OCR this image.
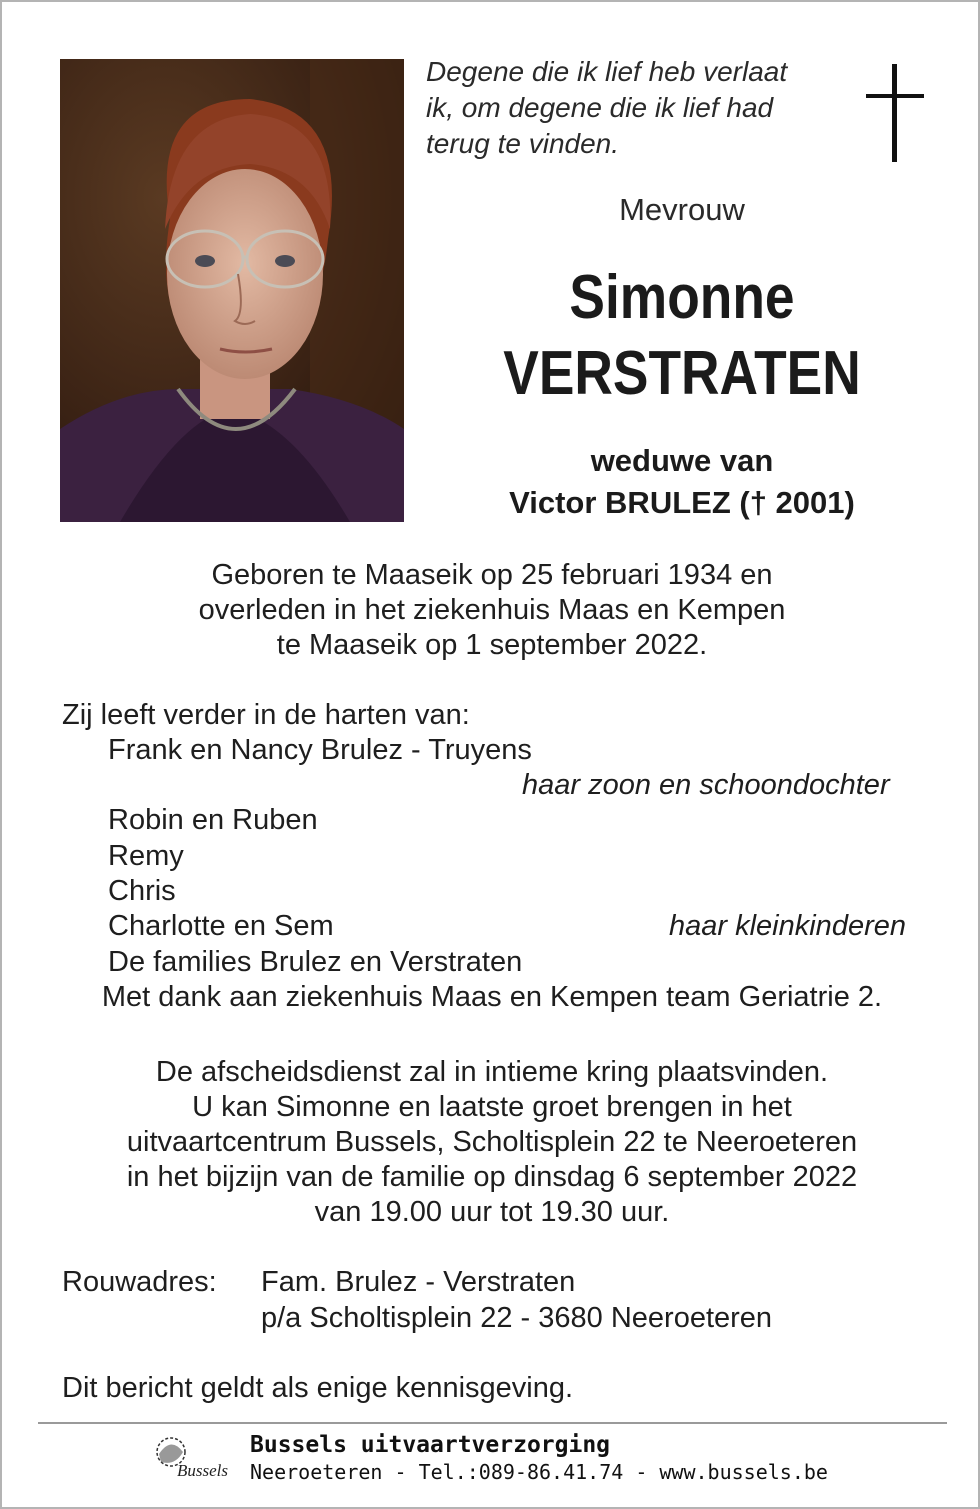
Degene die ik lief heb verlaat
ik, om degene die ik lief had
terug te vinden.
Mevrouw
Simonne
VERSTRATEN
weduwe van
Victor BRULEZ († 2001)
Geboren te Maaseik op 25 februari 1934 en
overleden in het ziekenhuis Maas en Kempen
te Maaseik op 1 september 2022.
Zij leeft verder in de harten van:
Frank en Nancy Brulez - Truyens
haar zoon en schoondochter
Robin en Ruben
Remy
Chris
Charlotte en Sem	haar kleinkinderen
De families Brulez en Verstraten
Met dank aan ziekenhuis Maas en Kempen team Geriatrie 2.
De afscheidsdienst zal in intieme kring plaatsvinden.
U kan Simonne en laatste groet brengen in het
uitvaartcentrum Bussels, Scholtisplein 22 te Neeroeteren
in het bijzijn van de familie op dinsdag 6 september 2022
van 19.00 uur tot 19.30 uur.
Rouwadres: Fam. Brulez - Verstraten
p/a Scholtisplein 22 - 3680 Neeroeteren
Dit bericht geldt als enige kennisgeving.
Bussels
Bussels uitvaartverzorging
Neeroeteren - Tel.:089-86.41.74 - www.bussels.be
